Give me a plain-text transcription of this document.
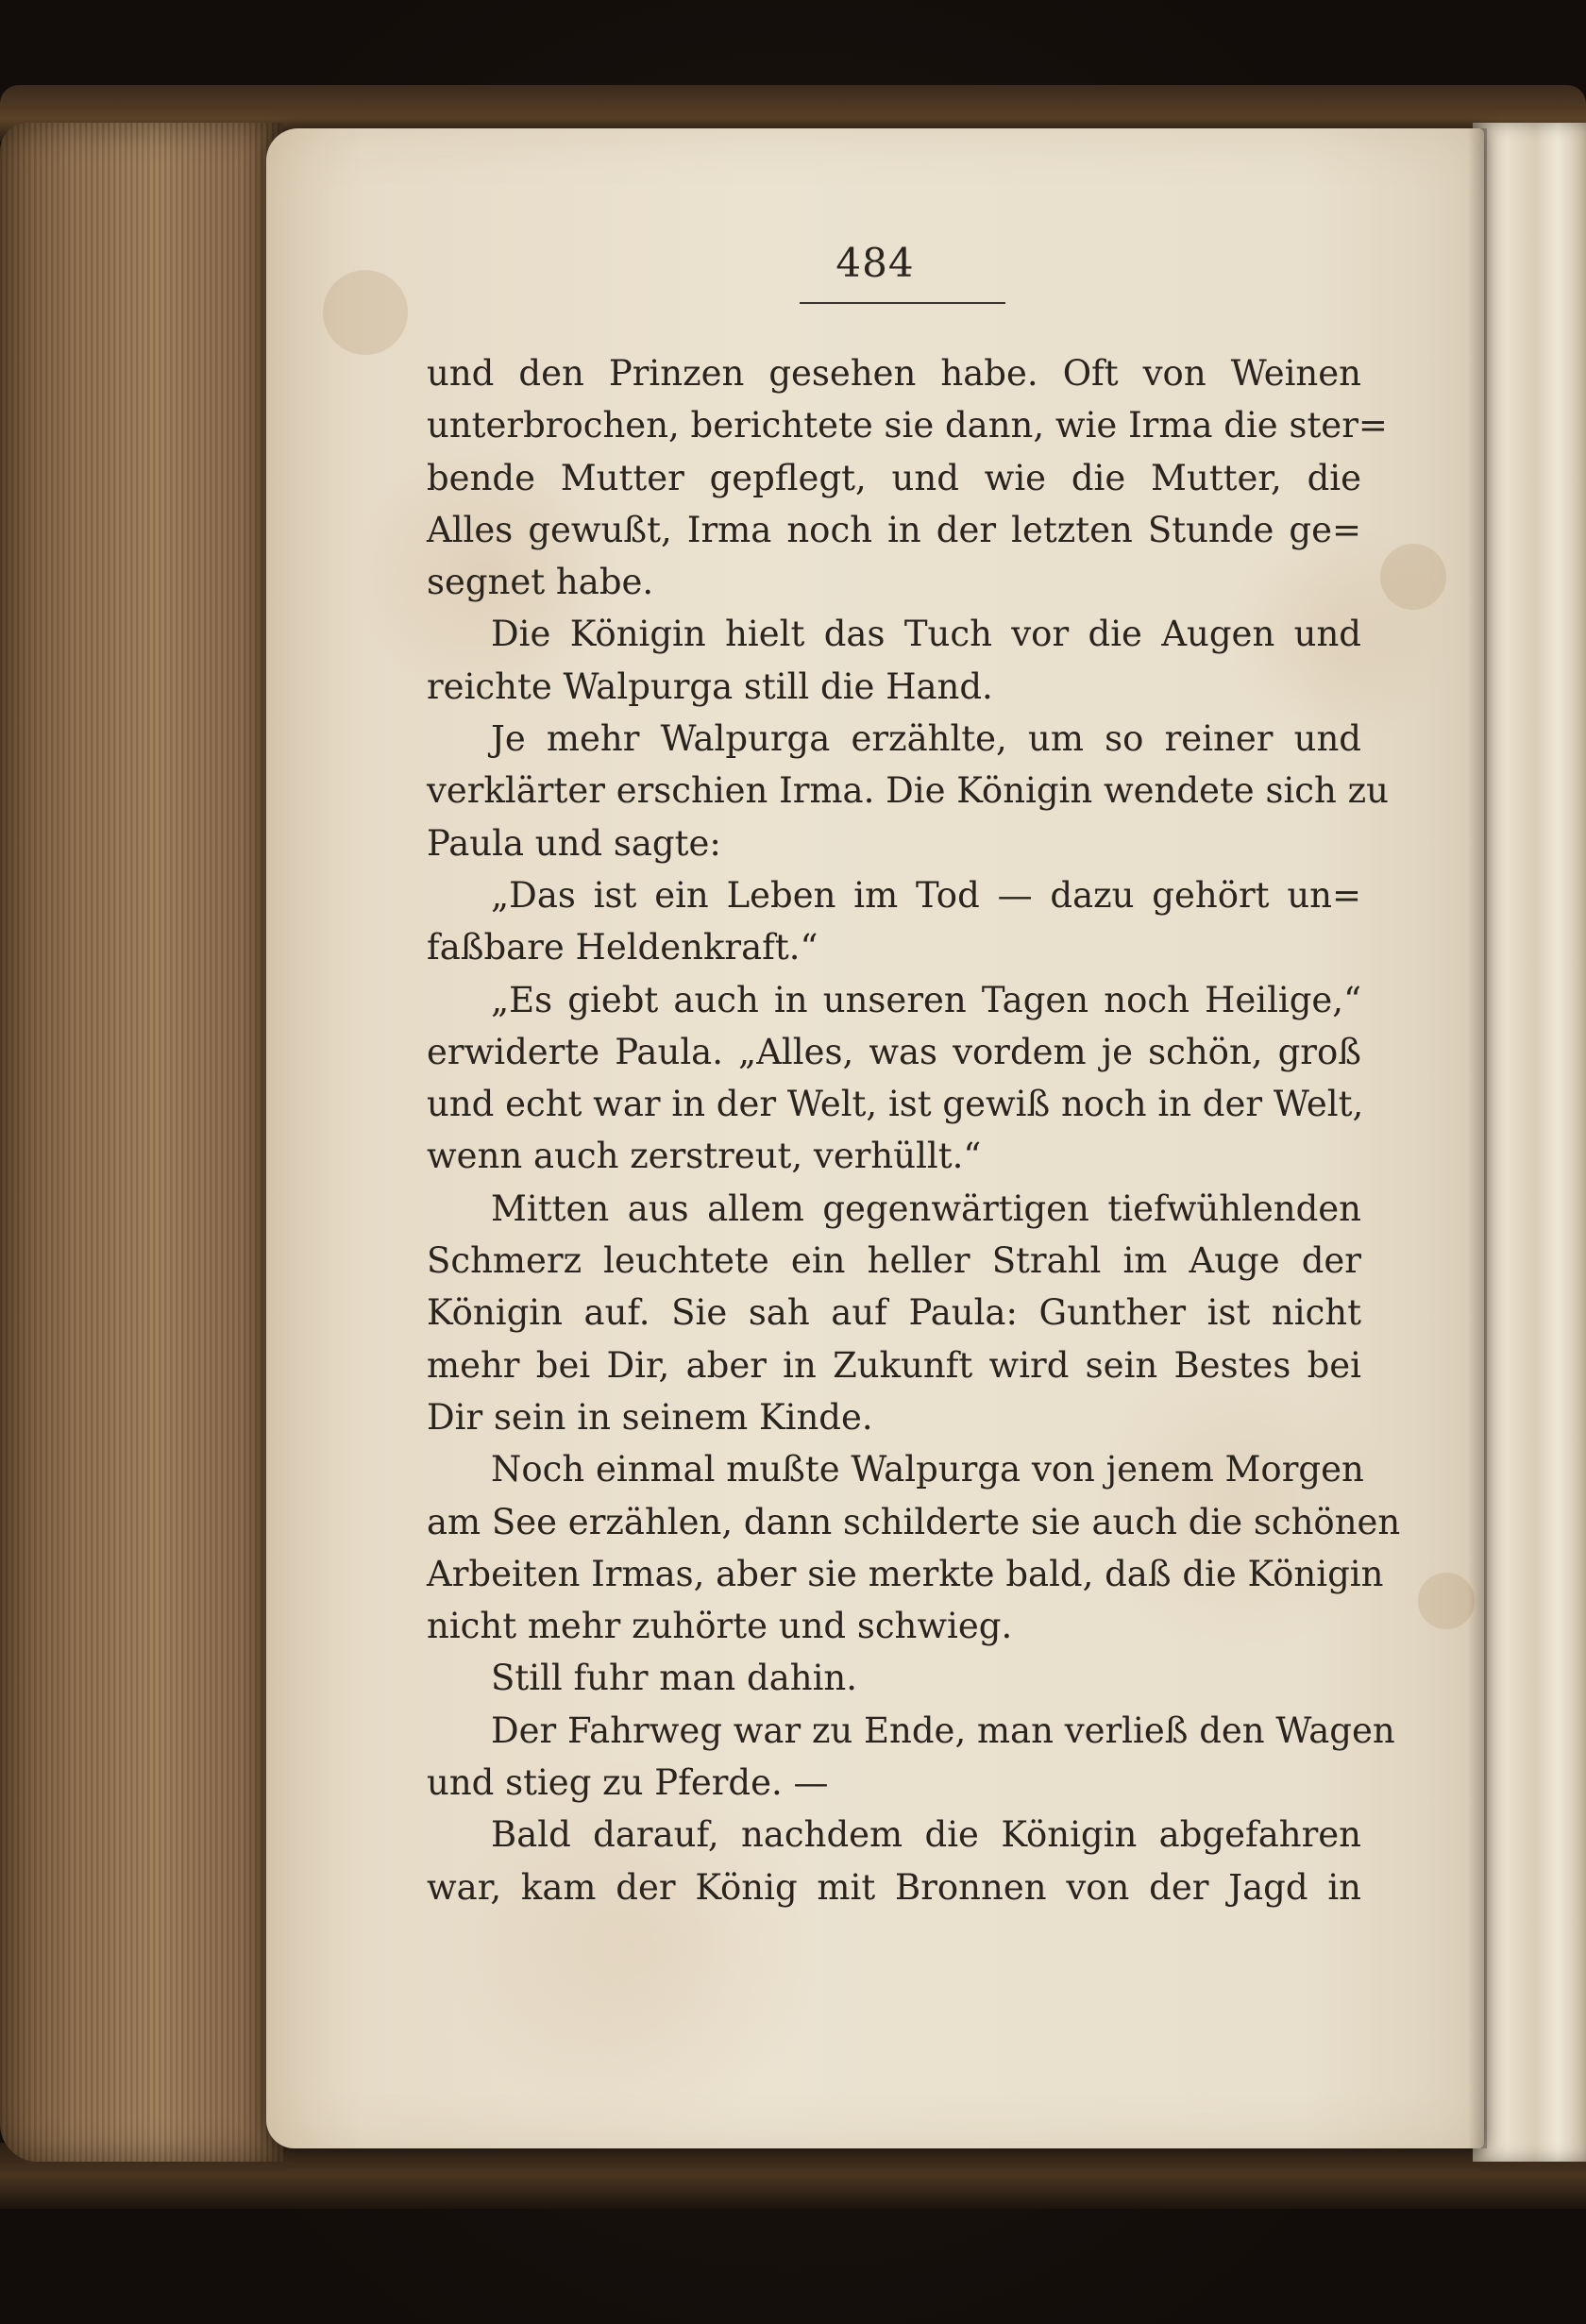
484
und den Prinzen gesehen habe. Oft von Weinen
unterbrochen, berichtete sie dann, wie Irma die ster=
bende Mutter gepflegt, und wie die Mutter, die
Alles gewußt, Irma noch in der letzten Stunde ge=
segnet habe.
Die Königin hielt das Tuch vor die Augen und
reichte Walpurga still die Hand.
Je mehr Walpurga erzählte, um so reiner und
verklärter erschien Irma. Die Königin wendete sich zu
Paula und sagte:
„Das ist ein Leben im Tod — dazu gehört un=
faßbare Heldenkraft.“
„Es giebt auch in unseren Tagen noch Heilige,“
erwiderte Paula. „Alles, was vordem je schön, groß
und echt war in der Welt, ist gewiß noch in der Welt,
wenn auch zerstreut, verhüllt.“
Mitten aus allem gegenwärtigen tiefwühlenden
Schmerz leuchtete ein heller Strahl im Auge der
Königin auf. Sie sah auf Paula: Gunther ist nicht
mehr bei Dir, aber in Zukunft wird sein Bestes bei
Dir sein in seinem Kinde.
Noch einmal mußte Walpurga von jenem Morgen
am See erzählen, dann schilderte sie auch die schönen
Arbeiten Irmas, aber sie merkte bald, daß die Königin
nicht mehr zuhörte und schwieg.
Still fuhr man dahin.
Der Fahrweg war zu Ende, man verließ den Wagen
und stieg zu Pferde. —
Bald darauf, nachdem die Königin abgefahren
war, kam der König mit Bronnen von der Jagd in
